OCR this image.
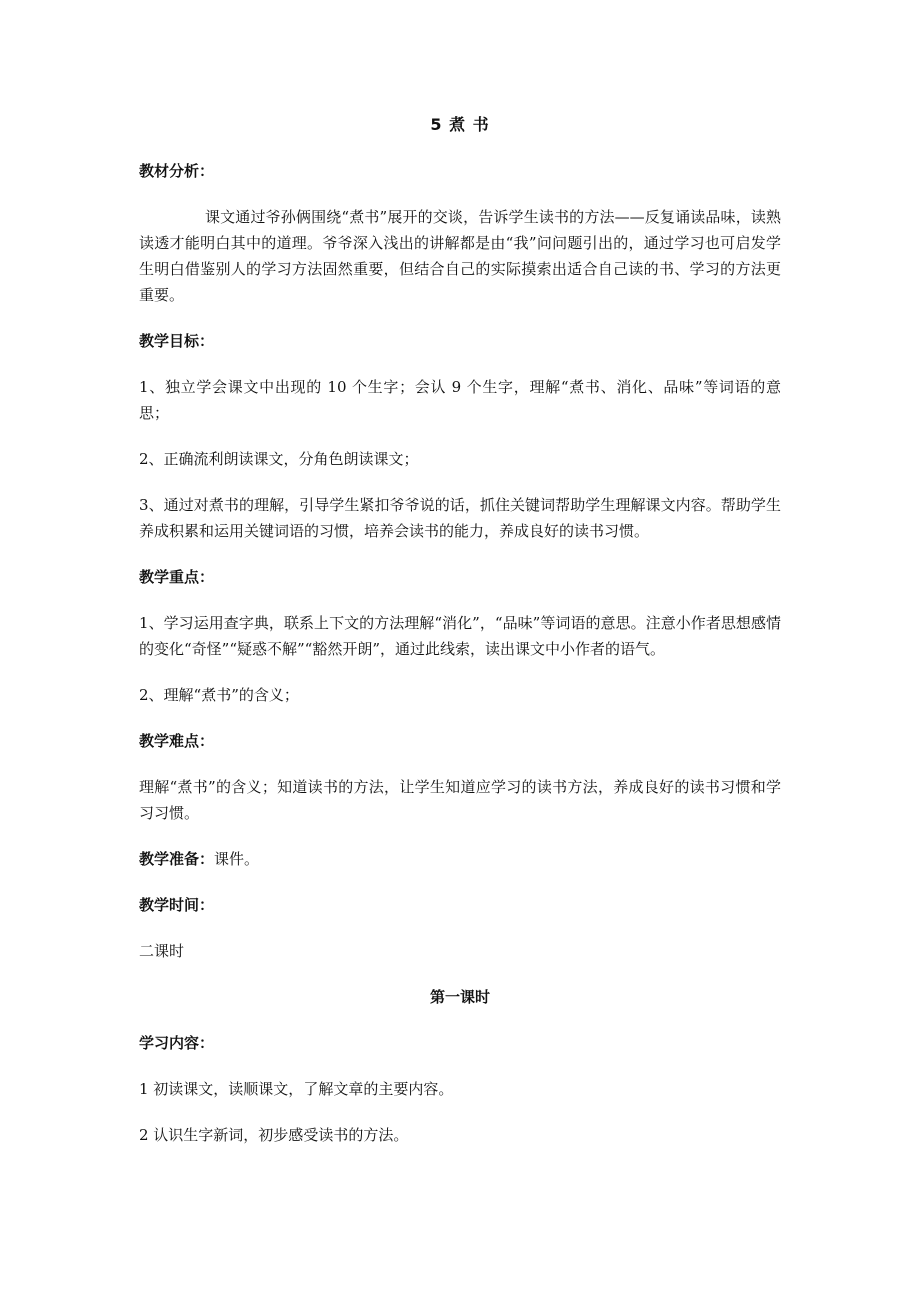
5 煮 书
教材分析：
课文通过爷孙俩围绕“煮书”展开的交谈，告诉学生读书的方法——反复诵读品味，读熟读透才能明白其中的道理。爷爷深入浅出的讲解都是由“我”问问题引出的，通过学习也可启发学生明白借鉴别人的学习方法固然重要，但结合自己的实际摸索出适合自己读的书、学习的方法更重要。
教学目标：
1、独立学会课文中出现的 10 个生字；会认 9 个生字，理解“煮书、消化、品味”等词语的意思；
2、正确流利朗读课文，分角色朗读课文；
3、通过对煮书的理解，引导学生紧扣爷爷说的话，抓住关键词帮助学生理解课文内容。帮助学生养成积累和运用关键词语的习惯，培养会读书的能力，养成良好的读书习惯。
教学重点：
1、学习运用查字典，联系上下文的方法理解“消化”，“品味”等词语的意思。注意小作者思想感情的变化“奇怪”“疑惑不解”“豁然开朗”，通过此线索，读出课文中小作者的语气。
2、理解“煮书”的含义；
教学难点：
理解“煮书”的含义；知道读书的方法，让学生知道应学习的读书方法，养成良好的读书习惯和学习习惯。
教学准备：课件。
教学时间：
二课时
第一课时
学习内容：
1 初读课文，读顺课文，了解文章的主要内容。
2 认识生字新词，初步感受读书的方法。
